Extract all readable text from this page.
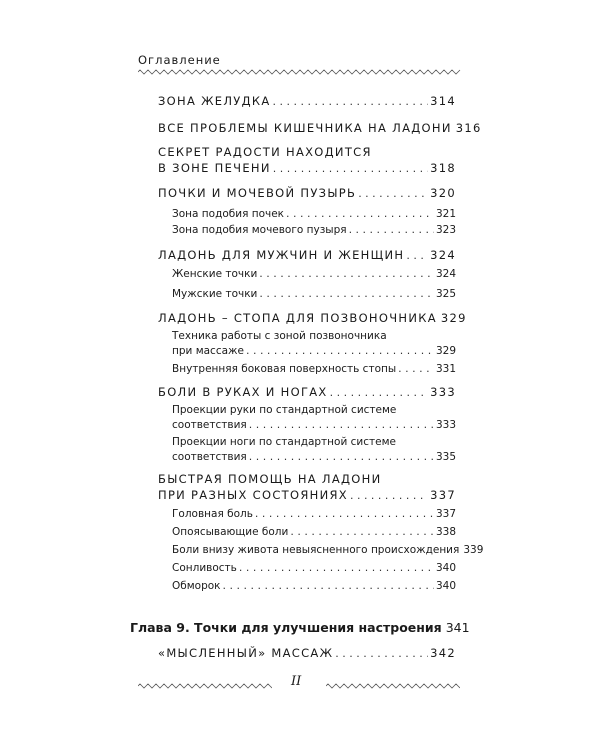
Оглавление
ЗОНА ЖЕЛУДКА . . .	314
ВСЕ ПРОБЛЕМЫ КИШЕЧНИКА НА ЛАДОНИ 316
СЕКРЕТ РАДОСТИ НАХОДИТСЯ
В ЗОНЕ ПЕЧЕНИ . . .	318
ПОЧКИ И МОЧЕВОЙ ПУЗЫРЬ . . .	320
Зона подобия почек . . .	321
Зона подобия мочевого пузыря . . .	323
ЛАДОНЬ ДЛЯ МУЖЧИН И ЖЕНЩИН . . . 324
Женские точки . . .	324
Мужские точки . . .	325
ЛАДОНЬ – СТОПА ДЛЯ ПОЗВОНОЧНИКА 329
Техника работы с зоной позвоночника
при массаже . . .	329
Внутренняя боковая поверхность стопы . . .	331
БОЛИ В РУКАХ И НОГАХ . . .	333
Проекции руки по стандартной системе
соответствия . . .	333
Проекции ноги по стандартной системе
соответствия . . .	335
БЫСТРАЯ ПОМОЩЬ НА ЛАДОНИ
ПРИ РАЗНЫХ СОСТОЯНИЯХ . . .	337
Головная боль . . .	337
Опоясывающие боли . . .	338
Боли внизу живота невыясненного происхождения 339
Сонливость . . .	340
Обморок . . .	340
Глава 9. Точки для улучшения настроения 341
«МЫСЛЕННЫЙ» МАССАЖ . . .	342
II
